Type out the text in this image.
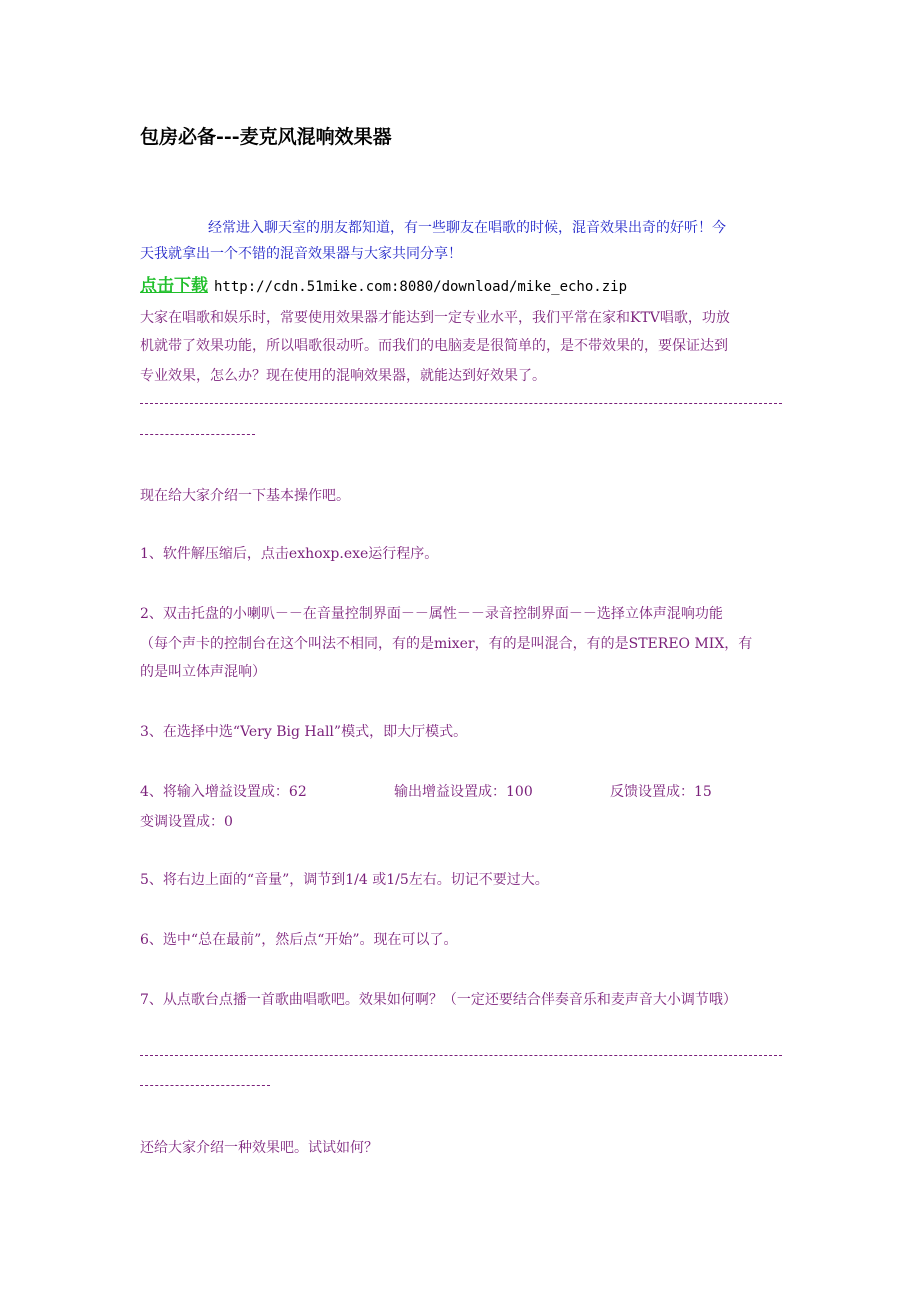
包房必备---麦克风混响效果器
经常进入聊天室的朋友都知道，有一些聊友在唱歌的时候，混音效果出奇的好听！今
天我就拿出一个不错的混音效果器与大家共同分享！
点击下载 http://cdn.51mike.com:8080/download/mike_echo.zip
大家在唱歌和娱乐时，常要使用效果器才能达到一定专业水平，我们平常在家和KTV唱歌，功放
机就带了效果功能，所以唱歌很动听。而我们的电脑麦是很简单的，是不带效果的，要保证达到
专业效果，怎么办？现在使用的混响效果器，就能达到好效果了。
现在给大家介绍一下基本操作吧。
1、软件解压缩后，点击exhoxp.exe运行程序。
2、双击托盘的小喇叭－－在音量控制界面－－属性－－录音控制界面－－选择立体声混响功能
（每个声卡的控制台在这个叫法不相同，有的是mixer，有的是叫混合，有的是STEREO MIX，有
的是叫立体声混响）
3、在选择中选“Very Big Hall”模式，即大厅模式。
4、将输入增益设置成：62	输出增益设置成：100	反馈设置成：15
变调设置成：0
5、将右边上面的“音量”，调节到1/4 或1/5左右。切记不要过大。
6、选中“总在最前”，然后点“开始”。现在可以了。
7、从点歌台点播一首歌曲唱歌吧。效果如何啊？（一定还要结合伴奏音乐和麦声音大小调节哦）
还给大家介绍一种效果吧。试试如何？
